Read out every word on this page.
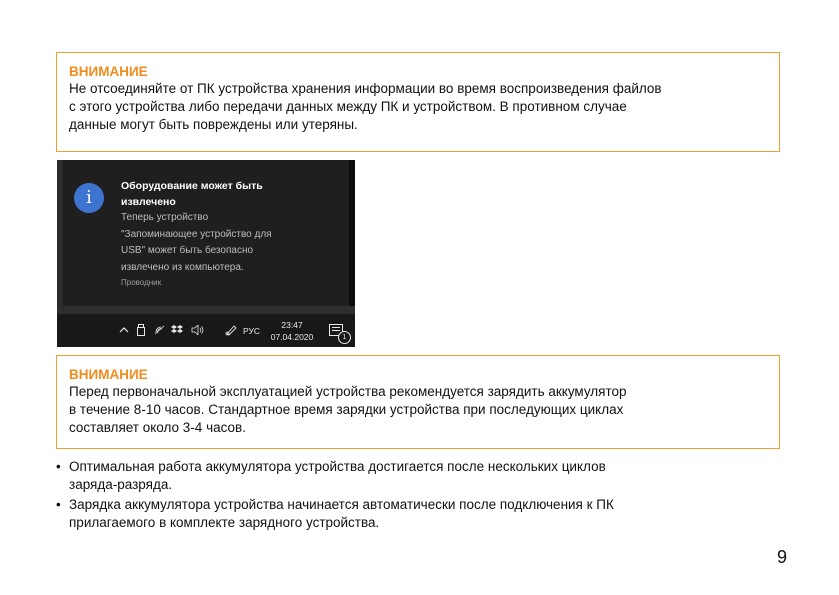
ВНИМАНИЕ
Не отсоединяйте от ПК устройства хранения информации во время воспроизведения файлов
с этого устройства либо передачи данных между ПК и устройством. В противном случае
данные могут быть повреждены или утеряны.
i
Оборудование может быть
извлечено
Теперь устройство
"Запоминающее устройство для
USB" может быть безопасно
извлечено из компьютера.
Проводник
РУС
23:47
07.04.2020	1
ВНИМАНИЕ
Перед первоначальной эксплуатацией устройства рекомендуется зарядить аккумулятор
в течение 8-10 часов. Стандартное время зарядки устройства при последующих циклах
составляет около 3-4 часов.
• Оптимальная работа аккумулятора устройства достигается после нескольких циклов
заряда-разряда.
• Зарядка аккумулятора устройства начинается автоматически после подключения к ПК
прилагаемого в комплекте зарядного устройства.
9
